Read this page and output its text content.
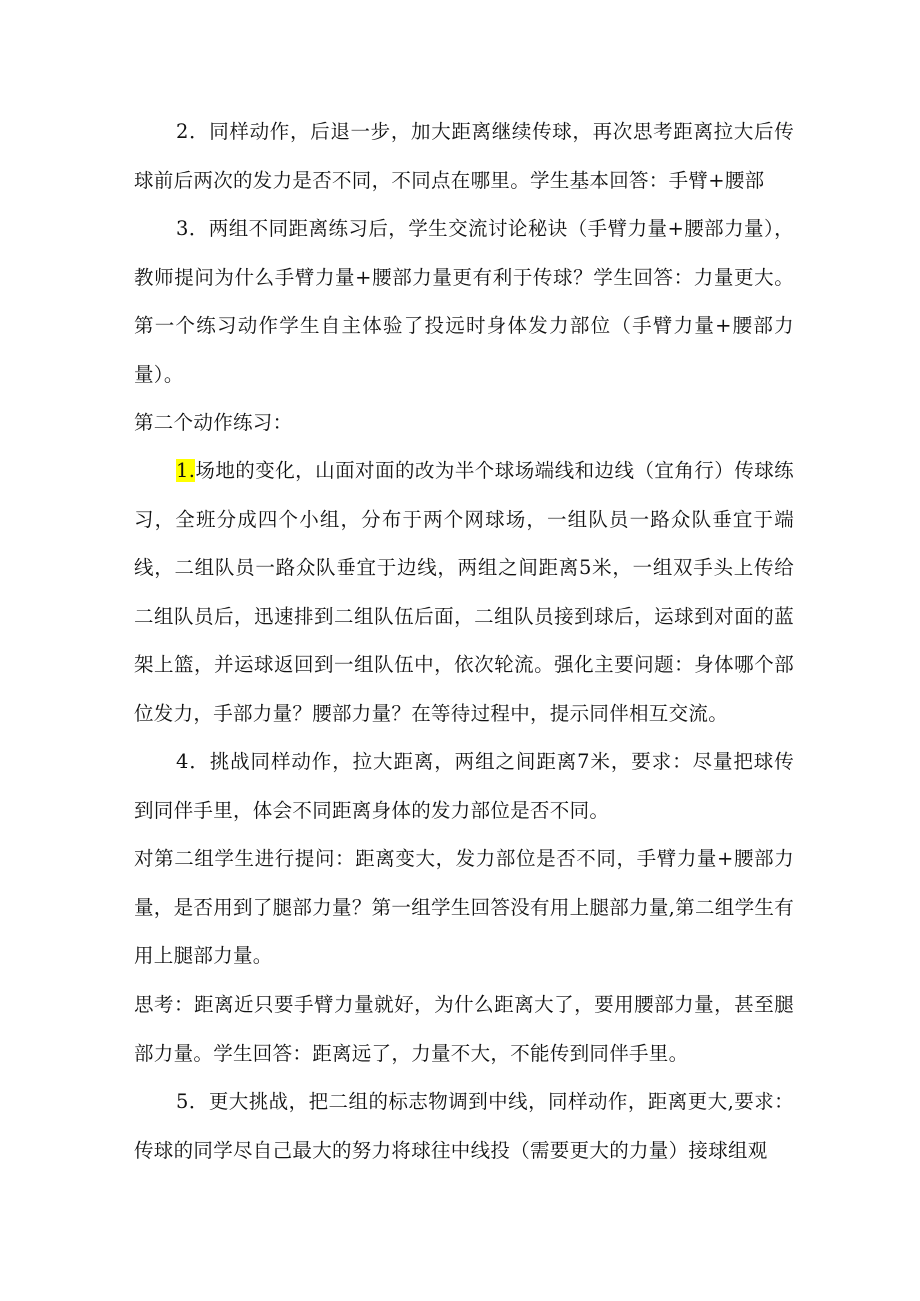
2．同样动作，后退一步，加大距离继续传球，再次思考距离拉大后传球前后两次的发力是否不同，不同点在哪里。学生基本回答：手臂+腰部

3．两组不同距离练习后，学生交流讨论秘诀（手臂力量+腰部力量），教师提问为什么手臂力量+腰部力量更有利于传球？学生回答：力量更大。第一个练习动作学生自主体验了投远时身体发力部位（手臂力量+腰部力量）。

第二个动作练习：

1.场地的变化，山面对面的改为半个球场端线和边线（宜角行）传球练习，全班分成四个小组，分布于两个网球场，一组队员一路众队垂宜于端线，二组队员一路众队垂宜于边线，两组之间距离5米，一组双手头上传给二组队员后，迅速排到二组队伍后面，二组队员接到球后，运球到对面的蓝架上篮，并运球返回到一组队伍中，依次轮流。强化主要问题：身体哪个部位发力，手部力量？腰部力量？在等待过程中，提示同伴相互交流。

4．挑战同样动作，拉大距离，两组之间距离7米，要求：尽量把球传到同伴手里，体会不同距离身体的发力部位是否不同。

对第二组学生进行提问：距离变大，发力部位是否不同，手臂力量+腰部力量，是否用到了腿部力量？第一组学生回答没有用上腿部力量,第二组学生有用上腿部力量。

思考：距离近只要手臂力量就好，为什么距离大了，要用腰部力量，甚至腿部力量。学生回答：距离远了，力量不大，不能传到同伴手里。

5．更大挑战，把二组的标志物调到中线，同样动作，距离更大,要求：传球的同学尽自己最大的努力将球往中线投（需要更大的力量）接球组观
